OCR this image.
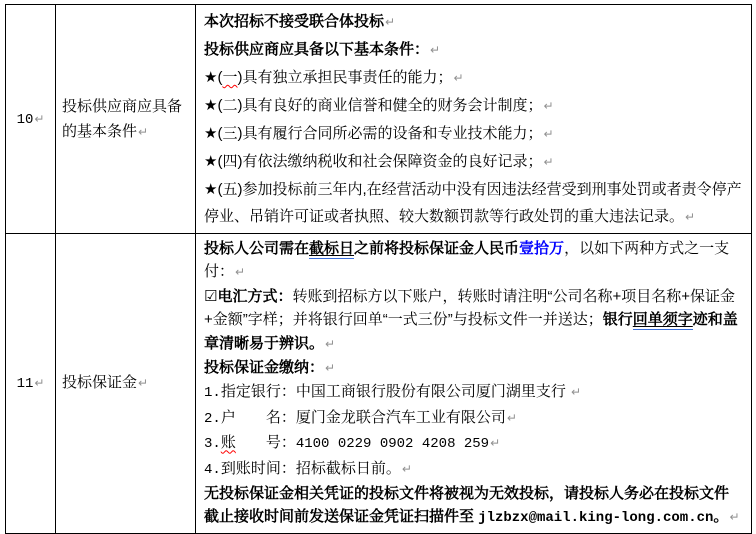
10↵	投标供应商应具备的基本条件↵	

本次招标不接受联合体投标↵

投标供应商应具备以下基本条件：↵

★(一)具有独立承担民事责任的能力；↵

★(二)具有良好的商业信誉和健全的财务会计制度；↵

★(三)具有履行合同所必需的设备和专业技术能力；↵

★(四)有依法缴纳税收和社会保障资金的良好记录；↵

★(五)参加投标前三年内,在经营活动中没有因违法经营受到刑事处罚或者责令停产停业、吊销许可证或者执照、较大数额罚款等行政处罚的重大违法记录。↵

11↵	投标保证金↵	

投标人公司需在截标日之前将投标保证金人民币壹拾万，以如下两种方式之一支付：↵

☑电汇方式：转账到招标方以下账户，转账时请注明“公司名称+项目名称+保证金+金额”字样；并将银行回单“一式三份”与投标文件一并送达；银行回单须字迹和盖章清晰易于辨识。↵

投标保证金缴纳：↵

1.指定银行：中国工商银行股份有限公司厦门湖里支行 ↵

2.户　　名：厦门金龙联合汽车工业有限公司↵

3.账　　号：4100 0229 0902 4208 259↵

4.到账时间：招标截标日前。↵

无投标保证金相关凭证的投标文件将被视为无效投标，请投标人务必在投标文件截止接收时间前发送保证金凭证扫描件至 jlzbzx@mail.king-long.com.cn。↵
